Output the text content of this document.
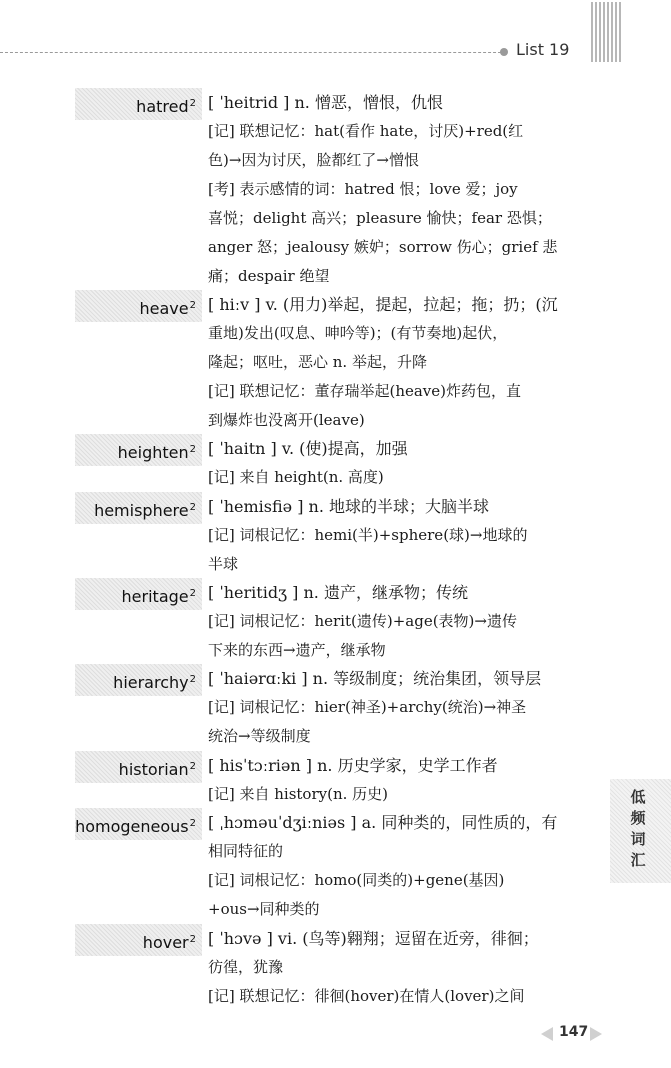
List 19
低频词汇
hatred$^2$ [ ˈheitrid ] n. 憎恶，憎恨，仇恨
[记] 联想记忆：hat(看作 hate，讨厌)+red(红
色)→因为讨厌，脸都红了→憎恨
[考] 表示感情的词：hatred 恨；love 爱；joy
喜悦；delight 高兴；pleasure 愉快；fear 恐惧；
anger 怒；jealousy 嫉妒；sorrow 伤心；grief 悲
痛；despair 绝望
heave$^2$ [ hiːv ] v. (用力)举起，提起，拉起；拖；扔；(沉
重地)发出(叹息、呻吟等)；(有节奏地)起伏，
隆起；呕吐，恶心 n. 举起，升降
[记] 联想记忆：董存瑞举起(heave)炸药包，直
到爆炸也没离开(leave)
heighten$^2$ [ ˈhaitn ] v. (使)提高，加强
[记] 来自 height(n. 高度)
hemisphere$^2$ [ ˈhemisfiə ] n. 地球的半球；大脑半球
[记] 词根记忆：hemi(半)+sphere(球)→地球的
半球
heritage$^2$ [ ˈheritidʒ ] n. 遗产，继承物；传统
[记] 词根记忆：herit(遗传)+age(表物)→遗传
下来的东西→遗产，继承物
hierarchy$^2$ [ ˈhaiərɑːki ] n. 等级制度；统治集团，领导层
[记] 词根记忆：hier(神圣)+archy(统治)→神圣
统治→等级制度
historian$^2$ [ hisˈtɔːriən ] n. 历史学家，史学工作者
[记] 来自 history(n. 历史)
homogeneous$^2$ [ ˌhɔməuˈdʒiːniəs ] a. 同种类的，同性质的，有
相同特征的
[记] 词根记忆：homo(同类的)+gene(基因)
+ous→同种类的
hover$^2$ [ ˈhɔvə ] vi. (鸟等)翱翔；逗留在近旁，徘徊；
彷徨，犹豫
[记] 联想记忆：徘徊(hover)在情人(lover)之间
147
